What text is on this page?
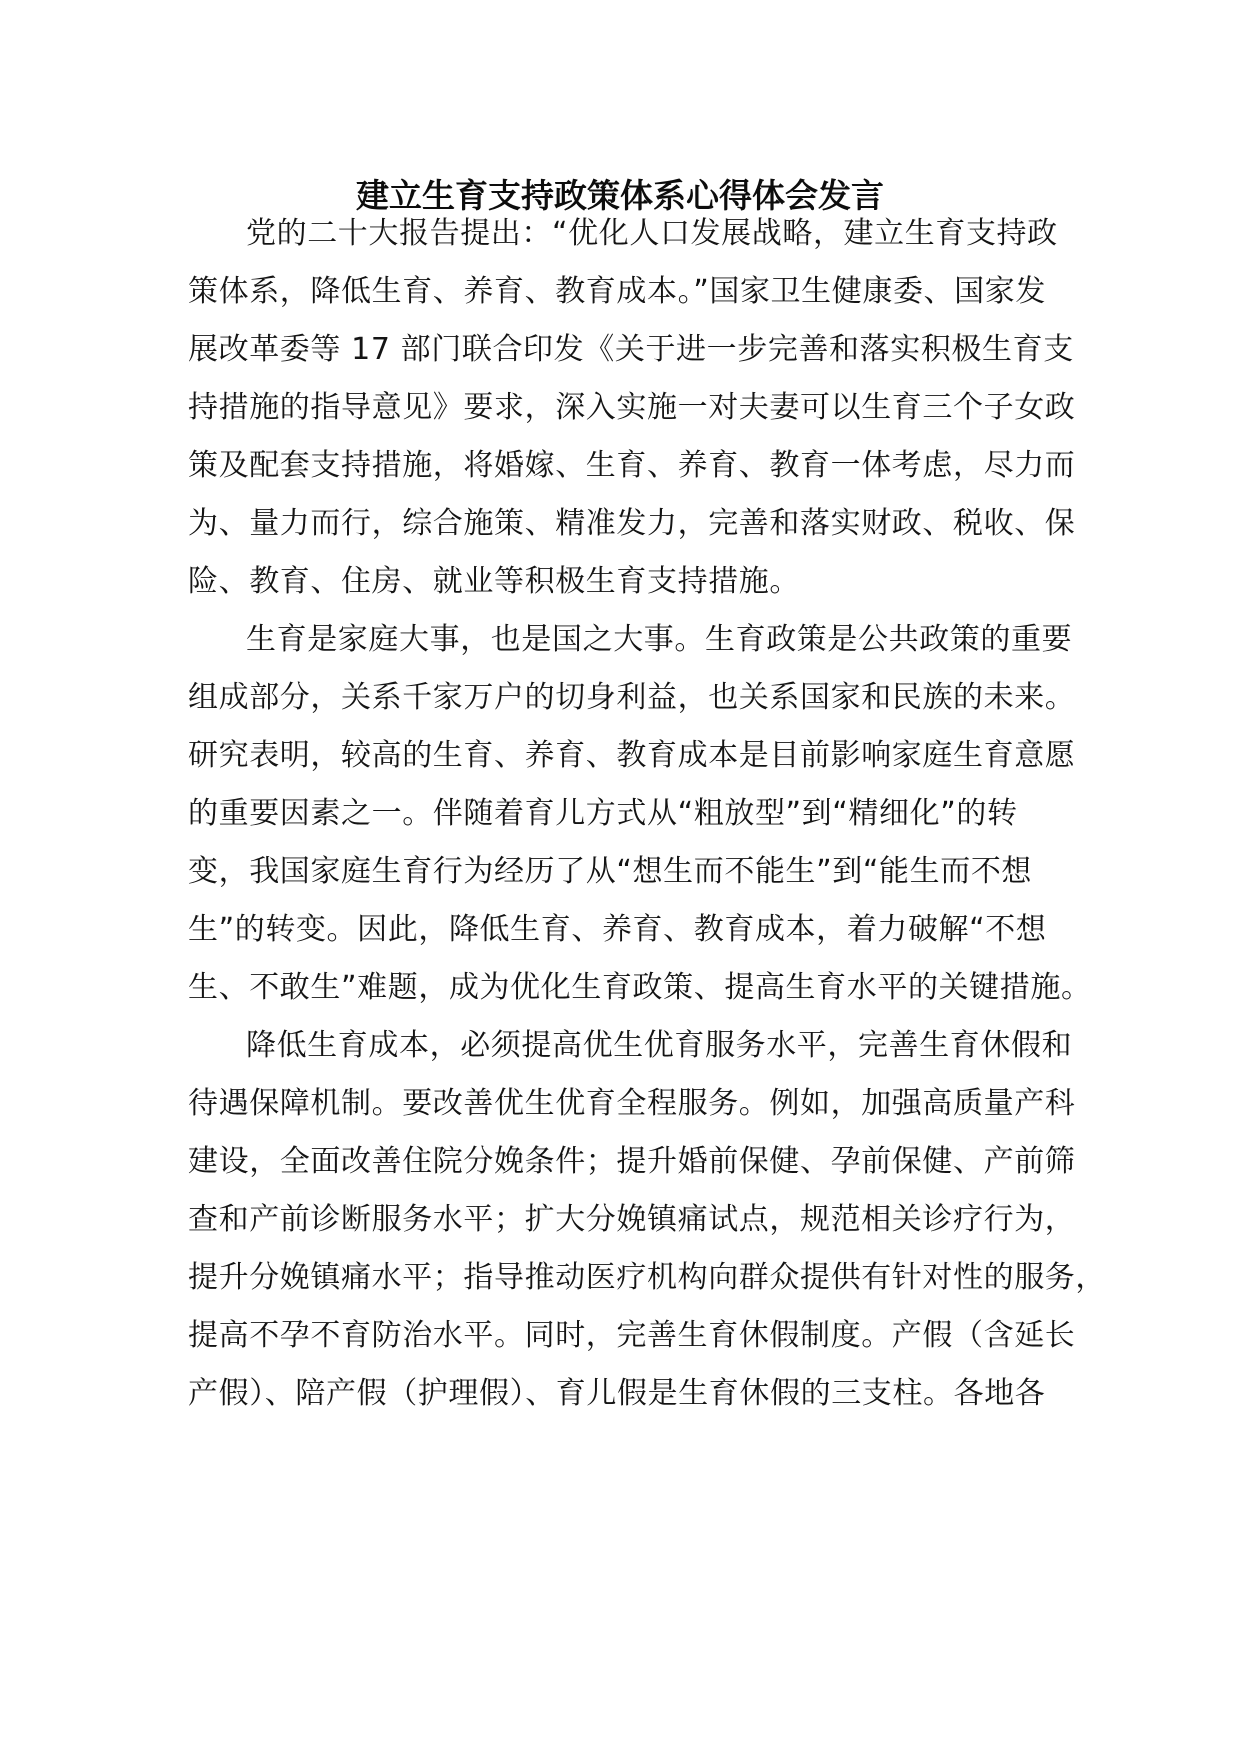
建立生育支持政策体系心得体会发言
党的二十大报告提出：“优化人口发展战略，建立生育支持政
策体系，降低生育、养育、教育成本。”国家卫生健康委、国家发
展改革委等 17 部门联合印发《关于进一步完善和落实积极生育支
持措施的指导意见》要求，深入实施一对夫妻可以生育三个子女政
策及配套支持措施，将婚嫁、生育、养育、教育一体考虑，尽力而
为、量力而行，综合施策、精准发力，完善和落实财政、税收、保
险、教育、住房、就业等积极生育支持措施。
生育是家庭大事，也是国之大事。生育政策是公共政策的重要
组成部分，关系千家万户的切身利益，也关系国家和民族的未来。
研究表明，较高的生育、养育、教育成本是目前影响家庭生育意愿
的重要因素之一。伴随着育儿方式从“粗放型”到“精细化”的转
变，我国家庭生育行为经历了从“想生而不能生”到“能生而不想
生”的转变。因此，降低生育、养育、教育成本，着力破解“不想
生、不敢生”难题，成为优化生育政策、提高生育水平的关键措施。
降低生育成本，必须提高优生优育服务水平，完善生育休假和
待遇保障机制。要改善优生优育全程服务。例如，加强高质量产科
建设，全面改善住院分娩条件；提升婚前保健、孕前保健、产前筛
查和产前诊断服务水平；扩大分娩镇痛试点，规范相关诊疗行为，
提升分娩镇痛水平；指导推动医疗机构向群众提供有针对性的服务，
提高不孕不育防治水平。同时，完善生育休假制度。产假（含延长
产假）、陪产假（护理假）、育儿假是生育休假的三支柱。各地各
